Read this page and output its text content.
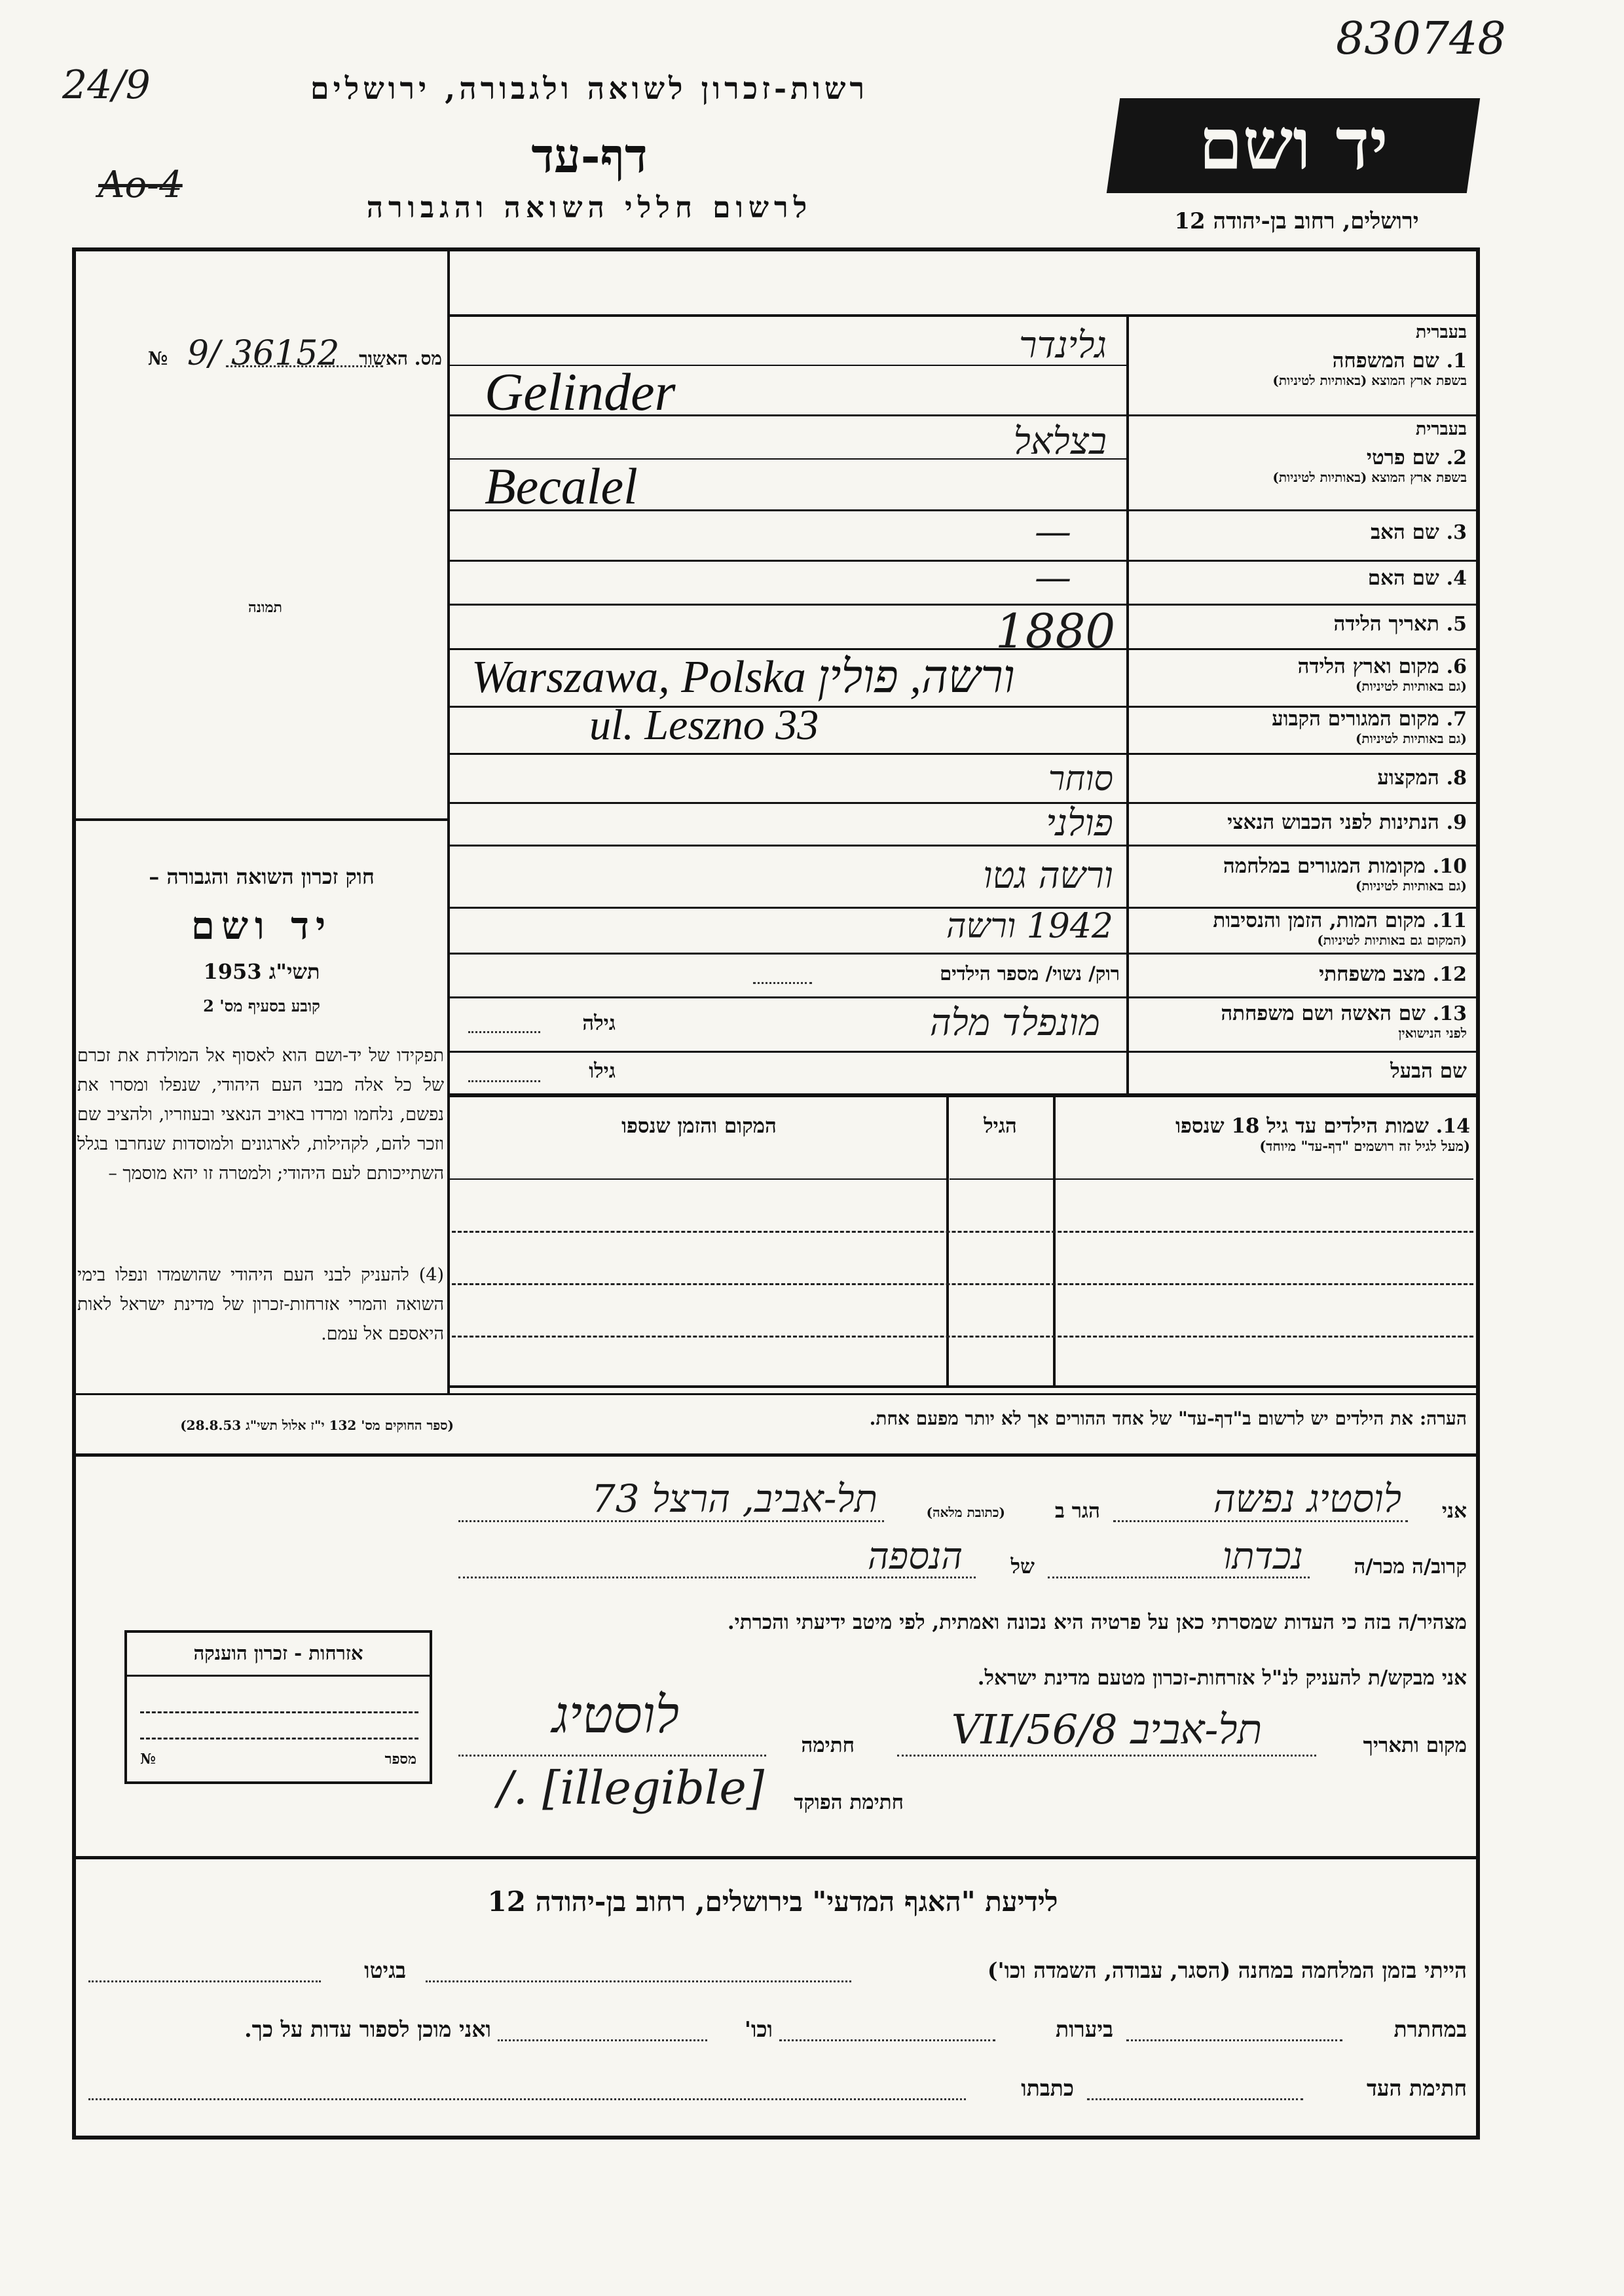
24/9
Ao-4
830748
רשות-זכרון לשואה ולגבורה, ירושלים
דף-עד
לרשום חללי השואה והגבורה
יד ושם
ירושלים, רחוב בן-יהודה 12
מס. האשור 36152 /9 №
תמונה
חוק זכרון השואה והגבורה –
יד ושם
תשי"ג 1953
קובע בסעיף מס' 2
תפקידו של יד-ושם הוא לאסוף אל המולדת את זכרם של כל אלה מבני העם היהודי, שנפלו ומסרו את נפשם, נלחמו ומרדו באויב הנאצי ובעוזריו, ולהציב שם וזכר להם, לקהילות, לארגונים ולמוסדות שנחרבו בגלל השתייכותם לעם היהודי; ולמטרה זו יהא מוסמך –
(4) להעניק לבני העם היהודי שהושמדו ונפלו בימי השואה והמרי אזרחות-זכרון של מדינת ישראל לאות היאספם אל עמם.
(ספר החוקים מס' 132 י"ז אלול תשי"ג 28.8.53)
בעברית
1. שם המשפחה
בשפת ארץ המוצא (באותיות לטיניות)
גלינדר
Gelinder
בעברית
2. שם פרטי
בשפת ארץ המוצא (באותיות לטיניות)
בצלאל
Becalel
3. שם האב
—
4. שם האם
—
5. תאריך הלידה
1880
6. מקום וארץ הלידה
(גם באותיות לטיניות)
Warszawa, Polska ורשה, פולין
7. מקום המגורים הקבוע
(גם באותיות לטיניות)
ul. Leszno 33
8. המקצוע
סוחר
9. הנתינות לפני הכבוש הנאצי
פולני
10. מקומות המגורים במלחמה
(גם באותיות לטיניות)
ורשה גטו
11. מקום המות, הזמן והנסיבות
(המקום גם באותיות לטיניות)
1942 ורשה
12. מצב משפחתי
רוק/ נשוי/ מספר הילדים
13. שם האשה ושם משפחתה
לפני הנישואין
מונפלד מלה
גילה
שם הבעל
גילו
14. שמות הילדים עד גיל 18 שנספו
(מעל לגיל זה רושמים "דף-עד" מיוחד)
הגיל
המקום והזמן שנספו
הערה: את הילדים יש לרשום ב"דף-עד" של אחד ההורים אך לא יותר מפעם אחת.
אני
לוסטיג נפשה
הגר ב
(כתובת מלאה)
תל-אביב, הרצל 73
קרוב/ה מכר/ה
נכדתו
של
הנספה
מצהיר/ה בזה כי העדות שמסרתי כאן על פרטיה היא נכונה ואמתית, לפי מיטב ידיעתי והכרתי.
אני מבקש/ת להעניק לנ"ל אזרחות-זכרון מטעם מדינת ישראל.
מקום ותאריך
תל-אביב 8/VII/56
חתימה
לוסטיג
חתימת הפוקד
/. [illegible]
אזרחות - זכרון הוענקה
מספר
№
לידיעת "האגף המדעי" בירושלים, רחוב בן-יהודה 12
הייתי בזמן המלחמה במחנה (הסגר, עבודה, השמדה וכו')
בגיטו
במחתרת
ביערות
וכו'
ואני מוכן לספור עדות על כך.
חתימת העד
כתבתו
